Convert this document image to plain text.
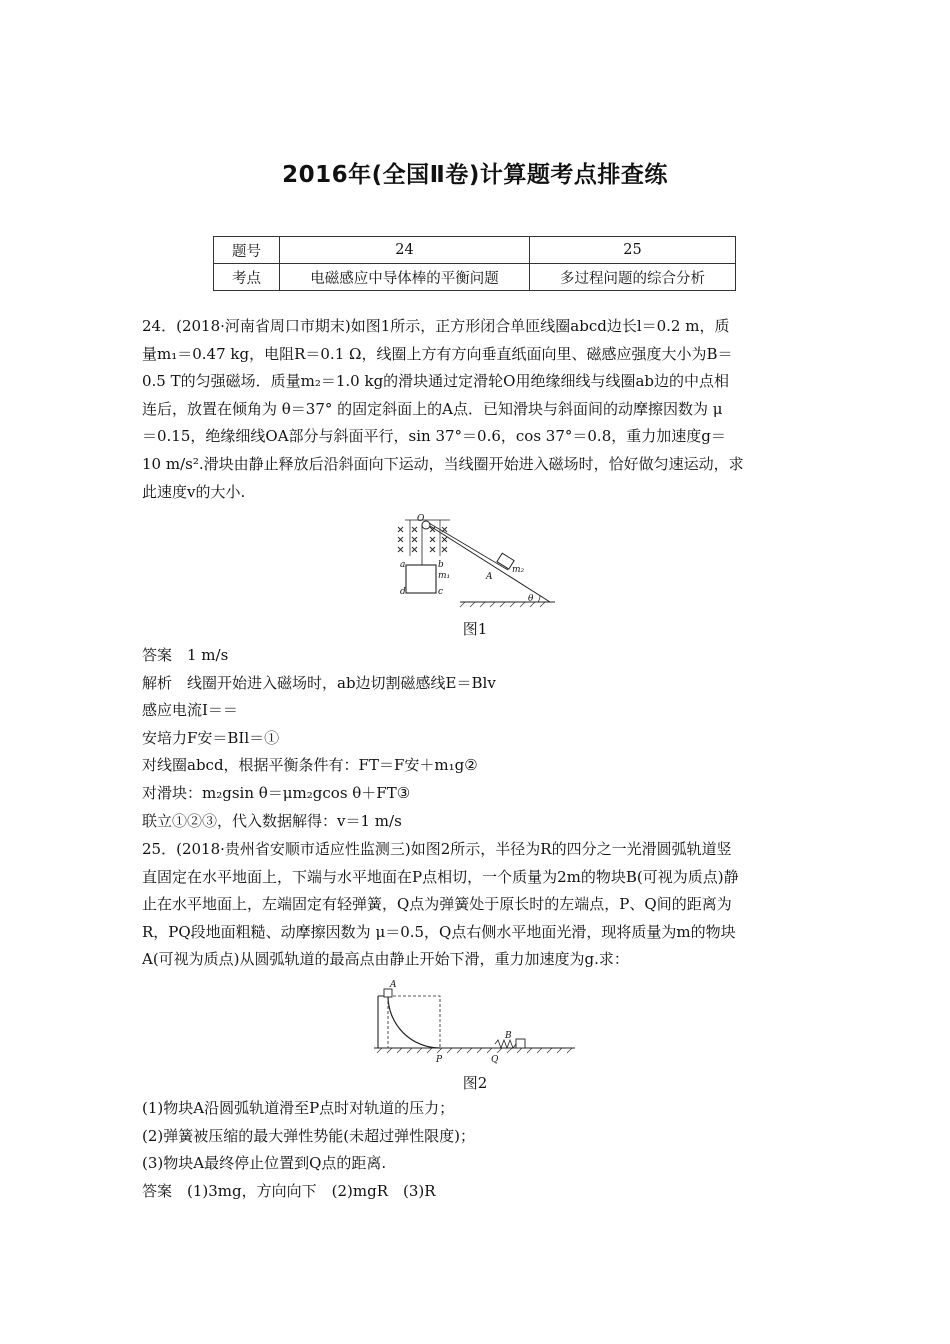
2016年(全国Ⅱ卷)计算题考点排查练
题号	24	25
考点	电磁感应中导体棒的平衡问题	多过程问题的综合分析
24．(2018·河南省周口市期末)如图1所示，正方形闭合单匝线圈abcd边长l＝0.2 m，质
量m₁＝0.47 kg，电阻R＝0.1 Ω，线圈上方有方向垂直纸面向里、磁感应强度大小为B＝
0.5 T的匀强磁场．质量m₂＝1.0 kg的滑块通过定滑轮O用绝缘细线与线圈ab边的中点相
连后，放置在倾角为 θ＝37° 的固定斜面上的A点．已知滑块与斜面间的动摩擦因数为 μ
＝0.15，绝缘细线OA部分与斜面平行，sin 37°＝0.6，cos 37°＝0.8，重力加速度g＝
10 m/s².滑块由静止释放后沿斜面向下运动，当线圈开始进入磁场时，恰好做匀速运动，求
此速度v的大小.
O
a	b
m₁
d	c
A
m₂
θ
图1
答案　1 m/s
解析　线圈开始进入磁场时，ab边切割磁感线E＝Blv
感应电流I＝＝
安培力F安＝BIl＝①
对线圈abcd，根据平衡条件有：FT＝F安＋m₁g②
对滑块：m₂gsin θ＝μm₂gcos θ＋FT③
联立①②③，代入数据解得：v＝1 m/s
25．(2018·贵州省安顺市适应性监测三)如图2所示，半径为R的四分之一光滑圆弧轨道竖
直固定在水平地面上，下端与水平地面在P点相切，一个质量为2m的物块B(可视为质点)静
止在水平地面上，左端固定有轻弹簧，Q点为弹簧处于原长时的左端点，P、Q间的距离为
R，PQ段地面粗糙、动摩擦因数为 μ＝0.5，Q点右侧水平地面光滑，现将质量为m的物块
A(可视为质点)从圆弧轨道的最高点由静止开始下滑，重力加速度为g.求：
A
B
P	Q
图2
(1)物块A沿圆弧轨道滑至P点时对轨道的压力；
(2)弹簧被压缩的最大弹性势能(未超过弹性限度)；
(3)物块A最终停止位置到Q点的距离.
答案　(1)3mg，方向向下　(2)mgR　(3)R
